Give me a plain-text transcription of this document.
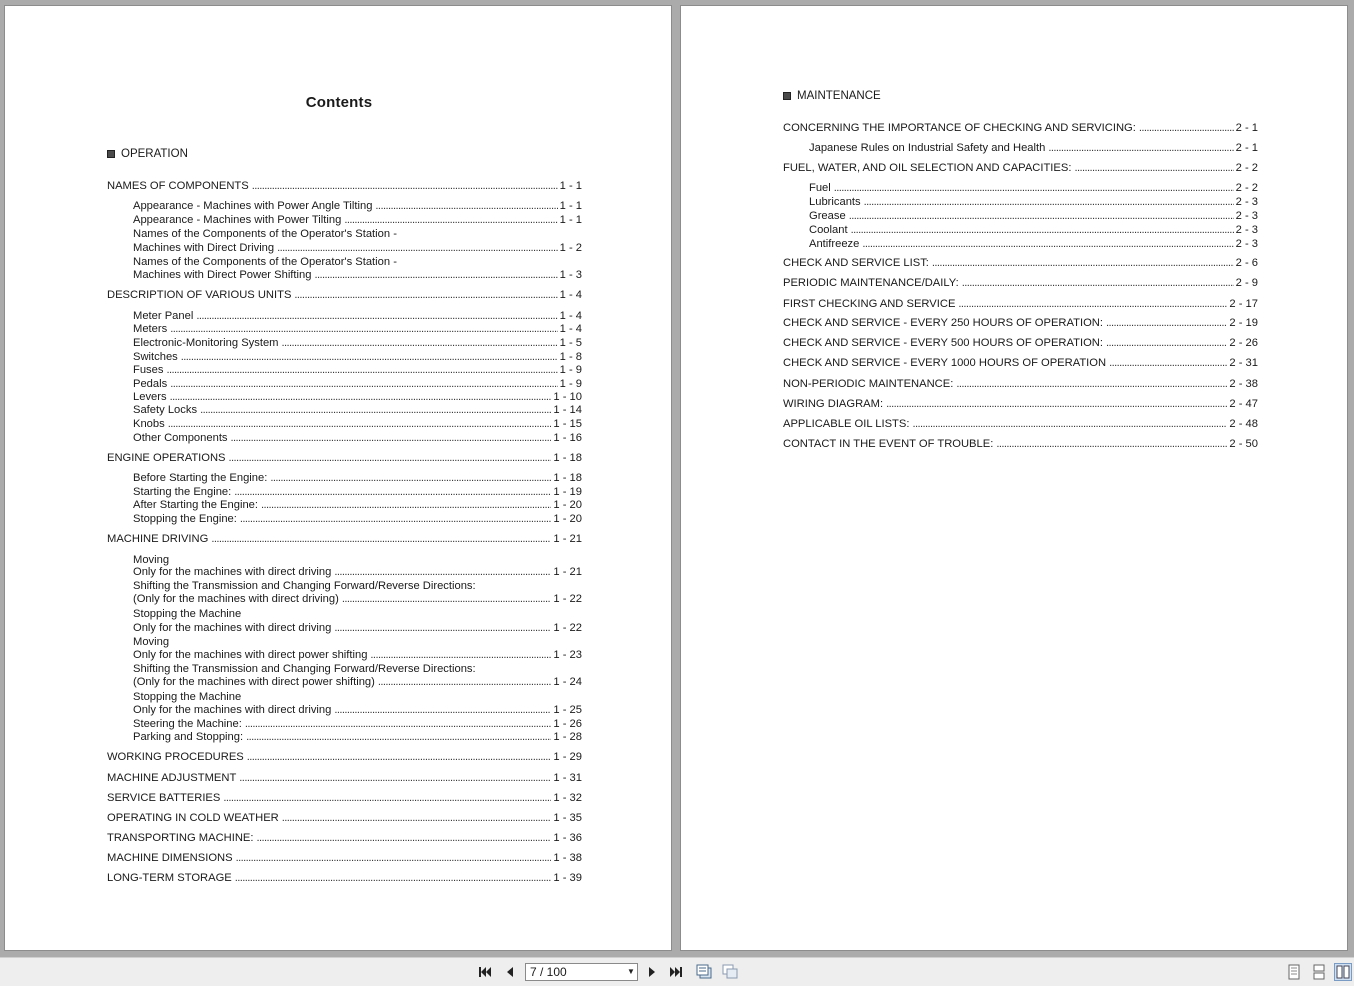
Contents
OPERATION
NAMES OF COMPONENTS .....	1 - 1
Appearance - Machines with Power Angle Tilting .....	1 - 1
Appearance - Machines with Power Tilting .....	1 - 1
Names of the Components of the Operator's Station -
Machines with Direct Driving .....	1 - 2
Names of the Components of the Operator's Station -
Machines with Direct Power Shifting .....	1 - 3
DESCRIPTION OF VARIOUS UNITS .....	1 - 4
Meter Panel .....	1 - 4
Meters .....	1 - 4
Electronic-Monitoring System .....	1 - 5
Switches .....	1 - 8
Fuses .....	1 - 9
Pedals .....	1 - 9
Levers .....	1 - 10
Safety Locks .....	1 - 14
Knobs .....	1 - 15
Other Components .....	1 - 16
ENGINE OPERATIONS .....	1 - 18
Before Starting the Engine: .....	1 - 18
Starting the Engine: .....	1 - 19
After Starting the Engine: .....	1 - 20
Stopping the Engine: .....	1 - 20
MACHINE DRIVING .....	1 - 21
Moving
Only for the machines with direct driving .....	1 - 21
Shifting the Transmission and Changing Forward/Reverse Directions:
(Only for the machines with direct driving) .....	1 - 22
Stopping the Machine
Only for the machines with direct driving .....	1 - 22
Moving
Only for the machines with direct power shifting .....	1 - 23
Shifting the Transmission and Changing Forward/Reverse Directions:
(Only for the machines with direct power shifting) .....	1 - 24
Stopping the Machine
Only for the machines with direct driving .....	1 - 25
Steering the Machine: .....	1 - 26
Parking and Stopping: .....	1 - 28
WORKING PROCEDURES .....	1 - 29
MACHINE ADJUSTMENT .....	1 - 31
SERVICE BATTERIES .....	1 - 32
OPERATING IN COLD WEATHER .....	1 - 35
TRANSPORTING MACHINE: .....	1 - 36
MACHINE DIMENSIONS .....	1 - 38
LONG-TERM STORAGE .....	1 - 39
MAINTENANCE
CONCERNING THE IMPORTANCE OF CHECKING AND SERVICING: .....	2 - 1
Japanese Rules on Industrial Safety and Health .....	2 - 1
FUEL, WATER, AND OIL SELECTION AND CAPACITIES: .....	2 - 2
Fuel .....	2 - 2
Lubricants .....	2 - 3
Grease .....	2 - 3
Coolant .....	2 - 3
Antifreeze .....	2 - 3
CHECK AND SERVICE LIST: .....	2 - 6
PERIODIC MAINTENANCE/DAILY: .....	2 - 9
FIRST CHECKING AND SERVICE .....	2 - 17
CHECK AND SERVICE - EVERY 250 HOURS OF OPERATION: .....	2 - 19
CHECK AND SERVICE - EVERY 500 HOURS OF OPERATION: .....	2 - 26
CHECK AND SERVICE - EVERY 1000 HOURS OF OPERATION .....	2 - 31
NON-PERIODIC MAINTENANCE: .....	2 - 38
WIRING DIAGRAM: .....	2 - 47
APPLICABLE OIL LISTS: .....	2 - 48
CONTACT IN THE EVENT OF TROUBLE: .....	2 - 50
7 / 100	▼
